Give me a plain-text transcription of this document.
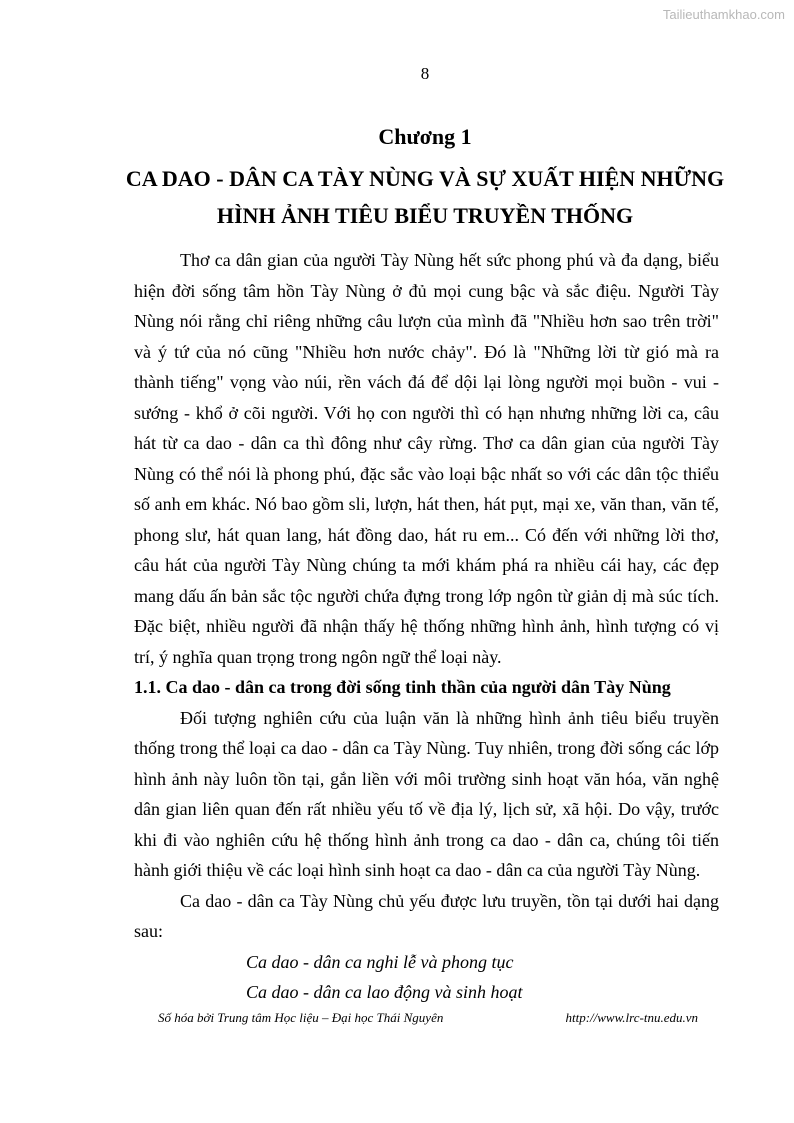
Tailieuthamkhao.com
8
Chương 1
CA DAO - DÂN CA TÀY NÙNG VÀ SỰ XUẤT HIỆN NHỮNG
HÌNH ẢNH TIÊU BIỂU TRUYỀN THỐNG

Thơ ca dân gian của người Tày Nùng hết sức phong phú và đa dạng, biểu hiện đời sống tâm hồn Tày Nùng ở đủ mọi cung bậc và sắc điệu. Người Tày Nùng nói rằng chỉ riêng những câu lượn của mình đã "Nhiều hơn sao trên trời" và ý tứ của nó cũng "Nhiều hơn nước chảy". Đó là "Những lời từ gió mà ra thành tiếng" vọng vào núi, rền vách đá để dội lại lòng người mọi buồn - vui - sướng - khổ ở cõi người. Với họ con người thì có hạn nhưng những lời ca, câu hát từ ca dao - dân ca thì đông như cây rừng. Thơ ca dân gian của người Tày Nùng có thể nói là phong phú, đặc sắc vào loại bậc nhất so với các dân tộc thiểu số anh em khác. Nó bao gồm sli, lượn, hát then, hát pụt, mại xe, văn than, văn tế, phong slư, hát quan lang, hát đồng dao, hát ru em... Có đến với những lời thơ, câu hát của người Tày Nùng chúng ta mới khám phá ra nhiều cái hay, các đẹp mang dấu ấn bản sắc tộc người chứa đựng trong lớp ngôn từ giản dị mà súc tích. Đặc biệt, nhiều người đã nhận thấy hệ thống những hình ảnh, hình tượng có vị trí, ý nghĩa quan trọng trong ngôn ngữ thể loại này.

1.1. Ca dao - dân ca trong đời sống tinh thần của người dân Tày Nùng

Đối tượng nghiên cứu của luận văn là những hình ảnh tiêu biểu truyền thống trong thể loại ca dao - dân ca Tày Nùng. Tuy nhiên, trong đời sống các lớp hình ảnh này luôn tồn tại, gắn liền với môi trường sinh hoạt văn hóa, văn nghệ dân gian liên quan đến rất nhiều yếu tố về địa lý, lịch sử, xã hội. Do vậy, trước khi đi vào nghiên cứu hệ thống hình ảnh trong ca dao - dân ca, chúng tôi tiến hành giới thiệu về các loại hình sinh hoạt ca dao - dân ca của người Tày Nùng.

Ca dao - dân ca Tày Nùng chủ yếu được lưu truyền, tồn tại dưới hai dạng sau:

Ca dao - dân ca nghi lễ và phong tục
Ca dao - dân ca lao động và sinh hoạt
Số hóa bởi Trung tâm Học liệu – Đại học Thái Nguyên	http://www.lrc-tnu.edu.vn
